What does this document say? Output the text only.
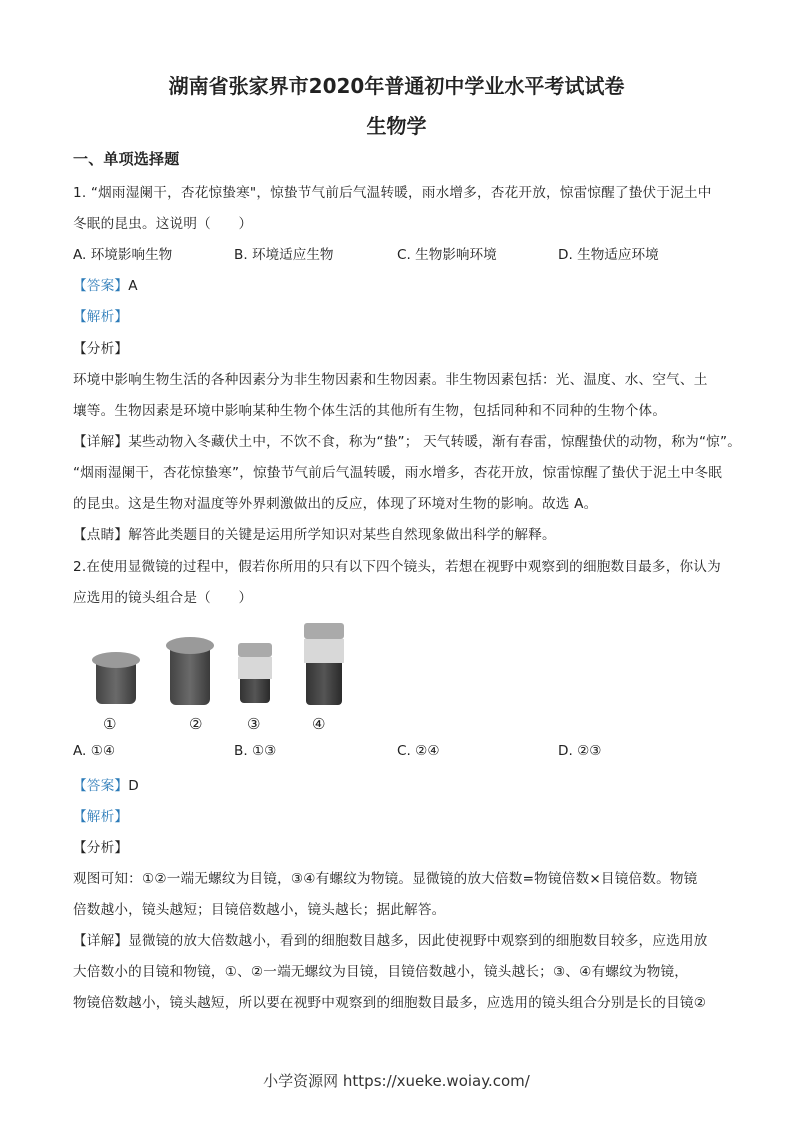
湖南省张家界市2020年普通初中学业水平考试试卷
生物学
一、单项选择题
1. “烟雨湿阑干，杏花惊蛰寒"，惊蛰节气前后气温转暖，雨水增多，杏花开放，惊雷惊醒了蛰伏于泥土中
冬眠的昆虫。这说明（　　）
A. 环境影响生物	B. 环境适应生物	C. 生物影响环境	D. 生物适应环境
【答案】A
【解析】
【分析】
环境中影响生物生活的各种因素分为非生物因素和生物因素。非生物因素包括：光、温度、水、空气、土
壤等。生物因素是环境中影响某种生物个体生活的其他所有生物，包括同种和不同种的生物个体。
【详解】某些动物入冬藏伏土中，不饮不食，称为“蛰”； 天气转暖，渐有春雷，惊醒蛰伏的动物，称为“惊”。
“烟雨湿阑干，杏花惊蛰寒”，惊蛰节气前后气温转暖，雨水增多，杏花开放，惊雷惊醒了蛰伏于泥土中冬眠
的昆虫。这是生物对温度等外界刺激做出的反应，体现了环境对生物的影响。故选 A。
【点睛】解答此类题目的关键是运用所学知识对某些自然现象做出科学的解释。
2.在使用显微镜的过程中，假若你所用的只有以下四个镜头，若想在视野中观察到的细胞数目最多，你认为
应选用的镜头组合是（　　）
①	②	③	④
A. ①④	B. ①③	C. ②④	D. ②③
【答案】D
【解析】
【分析】
观图可知：①②一端无螺纹为目镜，③④有螺纹为物镜。显微镜的放大倍数=物镜倍数×目镜倍数。物镜
倍数越小，镜头越短；目镜倍数越小，镜头越长；据此解答。
【详解】显微镜的放大倍数越小，看到的细胞数目越多，因此使视野中观察到的细胞数目较多，应选用放
大倍数小的目镜和物镜，①、②一端无螺纹为目镜，目镜倍数越小，镜头越长；③、④有螺纹为物镜，
物镜倍数越小，镜头越短，所以要在视野中观察到的细胞数目最多，应选用的镜头组合分别是长的目镜②
小学资源网 https://xueke.woiay.com/
